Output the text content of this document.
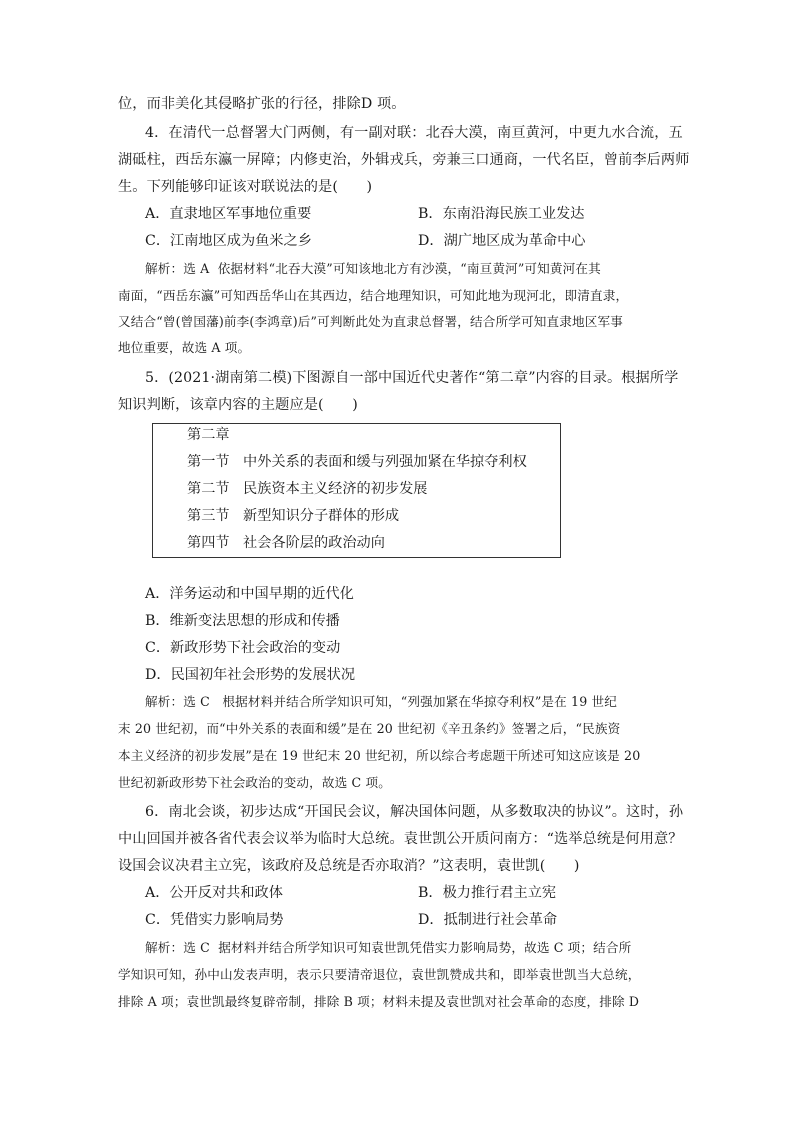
位，而非美化其侵略扩张的行径，排除D 项。
4．在清代一总督署大门两侧，有一副对联：北吞大漠，南亘黄河，中更九水合流，五
湖砥柱，西岳东瀛一屏障；内修吏治，外辑戎兵，旁兼三口通商，一代名臣，曾前李后两师
生。下列能够印证该对联说法的是(　　)
A．直隶地区军事地位重要	B．东南沿海民族工业发达
C．江南地区成为鱼米之乡	D．湖广地区成为革命中心
解析：选 A 依据材料“北吞大漠”可知该地北方有沙漠，“南亘黄河”可知黄河在其
南面，“西岳东瀛”可知西岳华山在其西边，结合地理知识，可知此地为现河北，即清直隶，
又结合“曾(曾国藩)前李(李鸿章)后”可判断此处为直隶总督署，结合所学可知直隶地区军事
地位重要，故选 A 项。
5．(2021·湖南第二模)下图源自一部中国近代史著作“第二章”内容的目录。根据所学
知识判断，该章内容的主题应是(　　)
第二章
第一节 中外关系的表面和缓与列强加紧在华掠夺利权
第二节 民族资本主义经济的初步发展
第三节 新型知识分子群体的形成
第四节 社会各阶层的政治动向
A．洋务运动和中国早期的近代化
B．维新变法思想的形成和传播
C．新政形势下社会政治的变动
D．民国初年社会形势的发展状况
解析：选 C 根据材料并结合所学知识可知，“列强加紧在华掠夺利权”是在 19 世纪
末 20 世纪初，而“中外关系的表面和缓”是在 20 世纪初《辛丑条约》签署之后，“民族资
本主义经济的初步发展”是在 19 世纪末 20 世纪初，所以综合考虑题干所述可知这应该是 20
世纪初新政形势下社会政治的变动，故选 C 项。
6．南北会谈，初步达成“开国民会议，解决国体问题，从多数取决的协议”。这时，孙
中山回国并被各省代表会议举为临时大总统。袁世凯公开质问南方：“选举总统是何用意？
设国会议决君主立宪，该政府及总统是否亦取消？”这表明，袁世凯(　　)
A．公开反对共和政体	B．极力推行君主立宪
C．凭借实力影响局势	D．抵制进行社会革命
解析：选 C 据材料并结合所学知识可知袁世凯凭借实力影响局势，故选 C 项；结合所
学知识可知，孙中山发表声明，表示只要清帝退位，袁世凯赞成共和，即举袁世凯当大总统，
排除 A 项；袁世凯最终复辟帝制，排除 B 项；材料未提及袁世凯对社会革命的态度，排除 D
